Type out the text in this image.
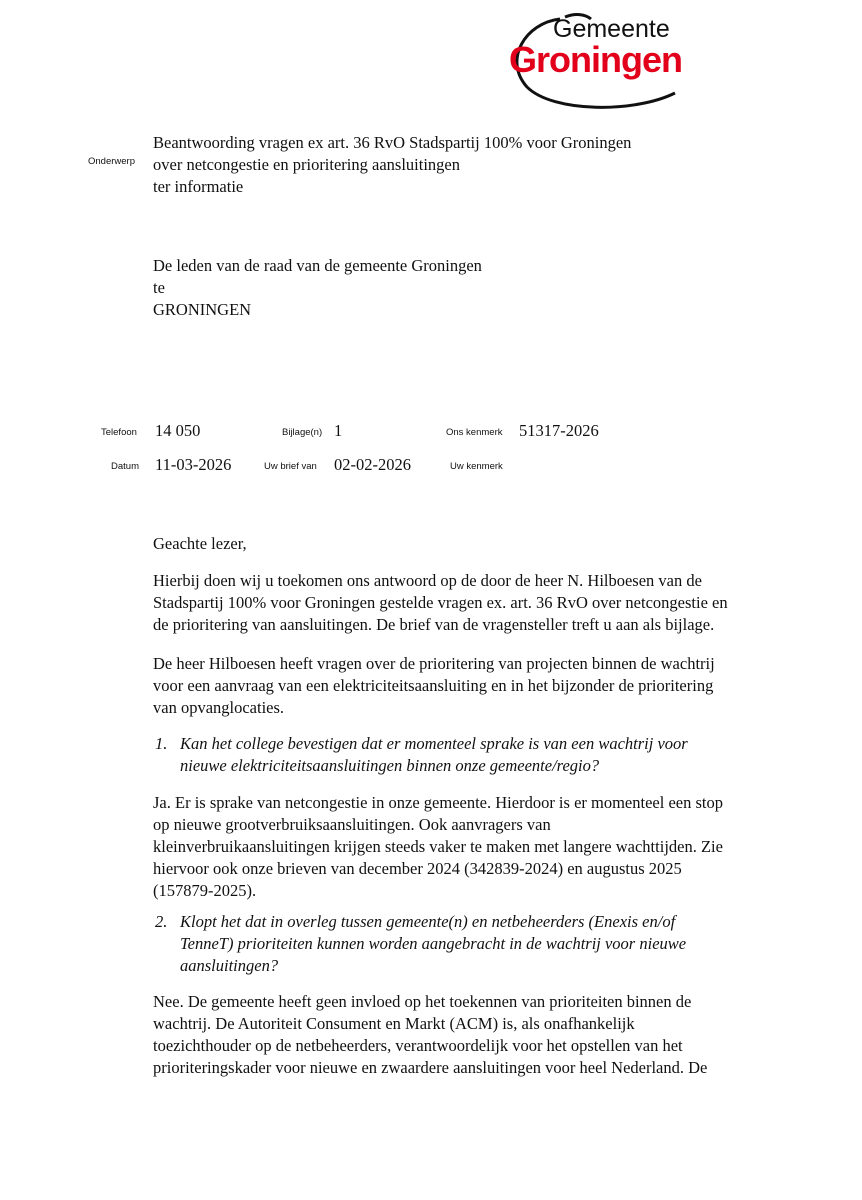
Gemeente
Groningen
Onderwerp
Beantwoording vragen ex art. 36 RvO Stadspartij 100% voor Groningen
over netcongestie en prioritering aansluitingen
ter informatie
De leden van de raad van de gemeente Groningen
te
GRONINGEN
Telefoon 14 050	Bijlage(n) 1	Ons kenmerk 51317-2026
Datum 11-03-2026	Uw brief van 02-02-2026	Uw kenmerk
Geachte lezer,
Hierbij doen wij u toekomen ons antwoord op de door de heer N. Hilboesen van de
Stadspartij 100% voor Groningen gestelde vragen ex. art. 36 RvO over netcongestie en
de prioritering van aansluitingen. De brief van de vragensteller treft u aan als bijlage.
De heer Hilboesen heeft vragen over de prioritering van projecten binnen de wachtrij
voor een aanvraag van een elektriciteitsaansluiting en in het bijzonder de prioritering
van opvanglocaties.
1. Kan het college bevestigen dat er momenteel sprake is van een wachtrij voor
nieuwe elektriciteitsaansluitingen binnen onze gemeente/regio?
Ja. Er is sprake van netcongestie in onze gemeente. Hierdoor is er momenteel een stop
op nieuwe grootverbruiksaansluitingen. Ook aanvragers van
kleinverbruikaansluitingen krijgen steeds vaker te maken met langere wachttijden. Zie
hiervoor ook onze brieven van december 2024 (342839-2024) en augustus 2025
(157879-2025).
2. Klopt het dat in overleg tussen gemeente(n) en netbeheerders (Enexis en/of
TenneT) prioriteiten kunnen worden aangebracht in de wachtrij voor nieuwe
aansluitingen?
Nee. De gemeente heeft geen invloed op het toekennen van prioriteiten binnen de
wachtrij. De Autoriteit Consument en Markt (ACM) is, als onafhankelijk
toezichthouder op de netbeheerders, verantwoordelijk voor het opstellen van het
prioriteringskader voor nieuwe en zwaardere aansluitingen voor heel Nederland. De
